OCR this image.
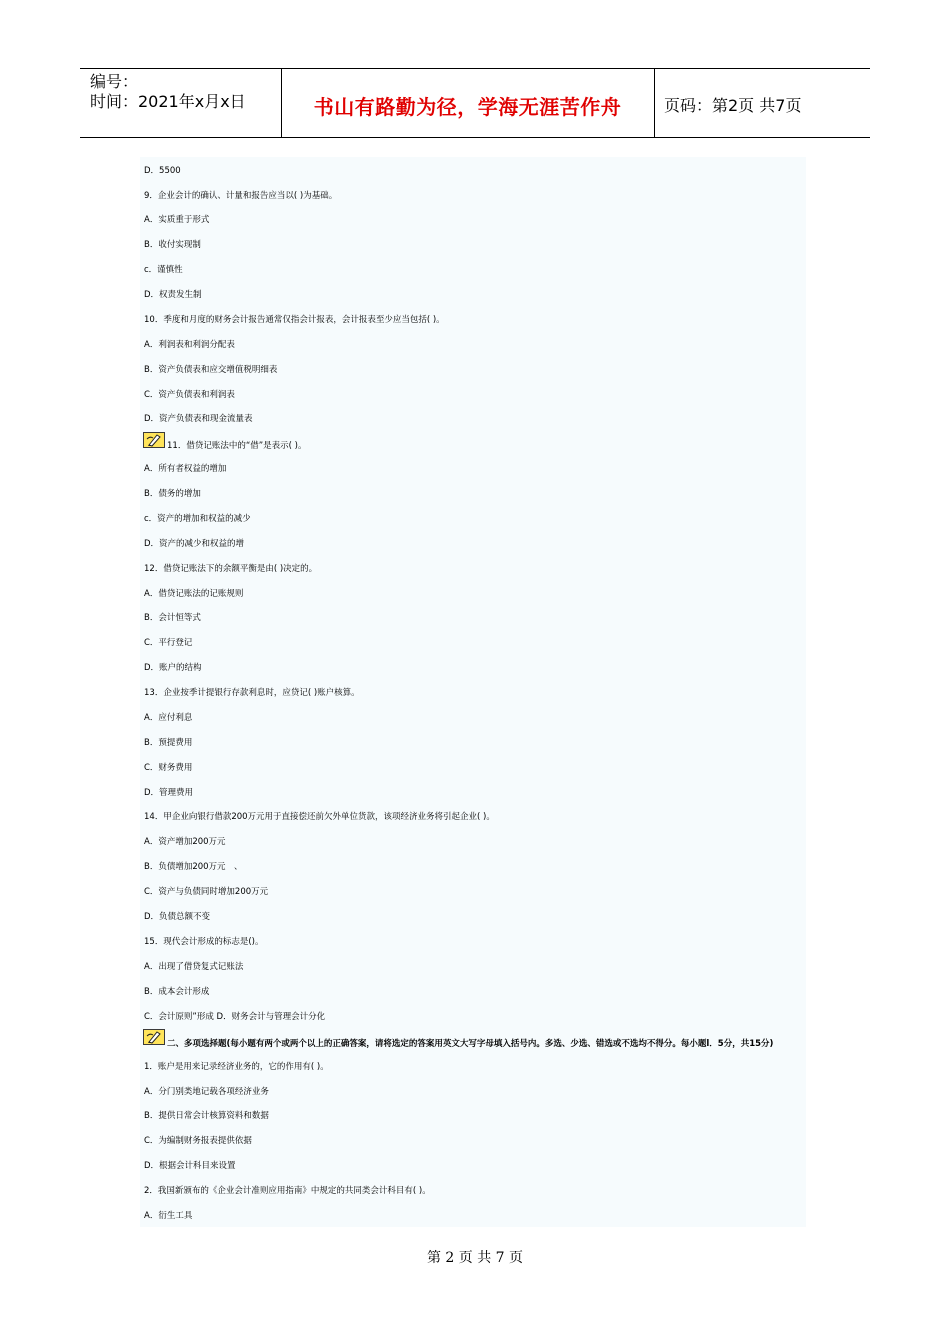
编号：
时间：2021年x月x日	书山有路勤为径，学海无涯苦作舟	页码：第2页 共7页
D．5500
9．企业会计的确认、计量和报告应当以( )为基础。
A．实质重于形式
B．收付实现制
c．谨慎性
D．权责发生制
10．季度和月度的财务会计报告通常仅指会计报表，会计报表至少应当包括( )。
A．利润表和利润分配表
B．资产负债表和应交增值税明细表
C．资产负债表和利润表
D．资产负债表和现金流量表
11．借贷记账法中的“借”是表示( )。
A．所有者权益的增加
B．债务的增加
c．资产的增加和权益的减少
D．资产的减少和权益的增
12．借贷记账法下的余额平衡是由( )决定的。
A．借贷记账法的记账规则
B．会计恒等式
C．平行登记
D．账户的结构
13．企业按季计提银行存款利息时，应贷记( )账户核算。
A．应付利息
B．预提费用
C．财务费用
D．管理费用
14．甲企业向银行借款200万元用于直接偿还前欠外单位货款，该项经济业务将引起企业( )。
A．资产增加200万元
B．负债增加200万元　、
C．资产与负债同时增加200万元
D．负债总额不变
15．现代会计形成的标志是()。
A．出现了借贷复式记账法
B．成本会计形成
C．会计原则”形成 D．财务会计与管理会计分化
二、多项选择题(每小题有两个或两个以上的正确答案，请将选定的答案用英文大写字母填入括号内。多选、少选、错选或不选均不得分。每小题l．5分，共15分)
1．账户是用来记录经济业务的，它的作用有( )。
A．分门别类地记载各项经济业务
B．提供日常会计核算资料和数据
C．为编制财务报表提供依据
D．根据会计科目来设置
2．我国新颁布的《企业会计准则应用指南》中规定的共同类会计科目有( )。
A．衍生工具
第 2 页 共 7 页
